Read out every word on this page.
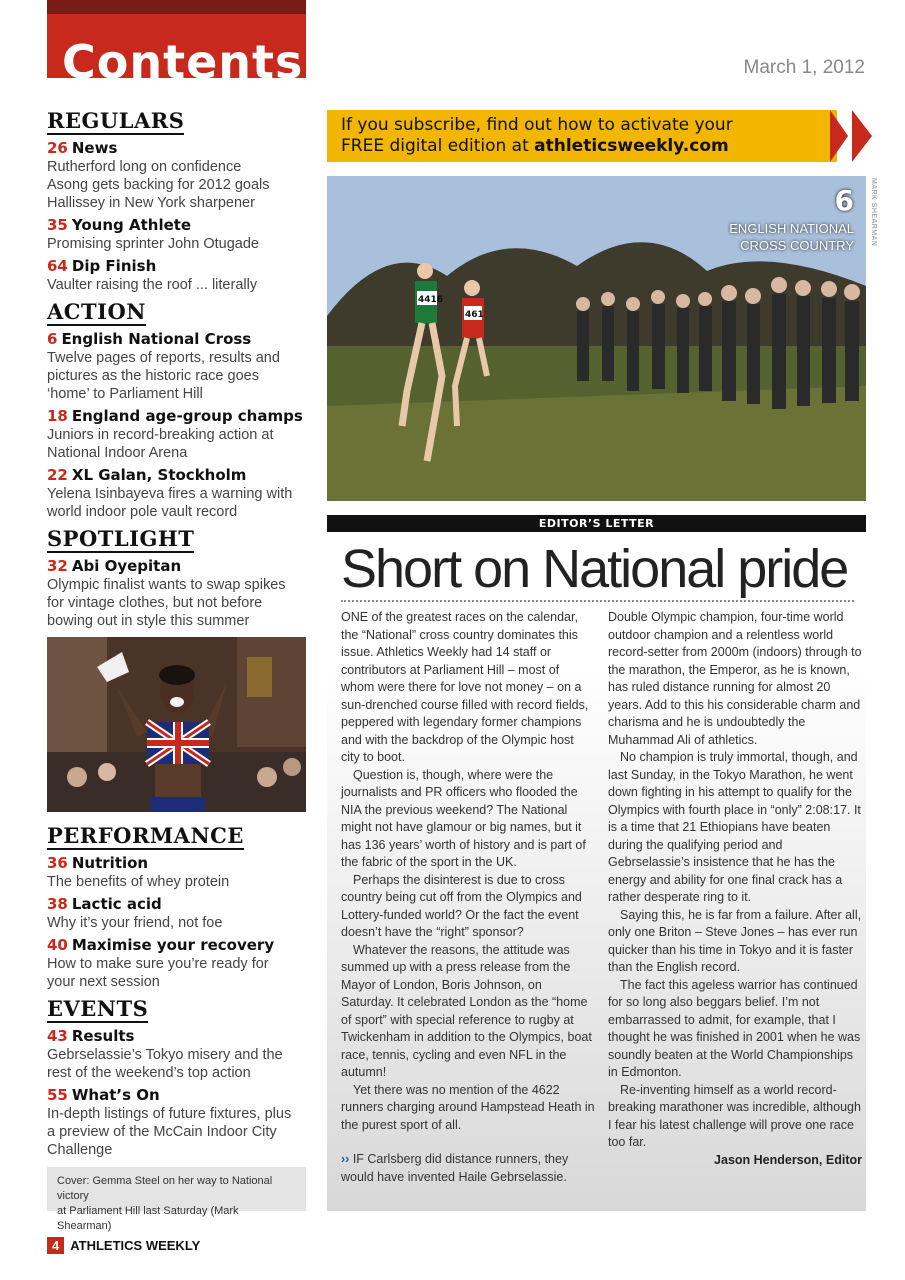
Contents	March 1, 2012
REGULARS
26 News
Rutherford long on confidence
Asong gets backing for 2012 goals
Hallissey in New York sharpener
35 Young Athlete
Promising sprinter John Otugade
64 Dip Finish
Vaulter raising the roof ... literally
ACTION
6 English National Cross
Twelve pages of reports, results and
pictures as the historic race goes
‘home’ to Parliament Hill
18 England age-group champs
Juniors in record-breaking action at
National Indoor Arena
22 XL Galan, Stockholm
Yelena Isinbayeva fires a warning with
world indoor pole vault record
SPOTLIGHT
32 Abi Oyepitan
Olympic finalist wants to swap spikes
for vintage clothes, but not before
bowing out in style this summer
PERFORMANCE
36 Nutrition
The benefits of whey protein
38 Lactic acid
Why it’s your friend, not foe
40 Maximise your recovery
How to make sure you’re ready for
your next session
EVENTS
43 Results
Gebrselassie’s Tokyo misery and the
rest of the weekend’s top action
55 What’s On
In-depth listings of future fixtures, plus
a preview of the McCain Indoor City
Challenge
Cover: Gemma Steel on her way to National victory
at Parliament Hill last Saturday (Mark Shearman)
4 ATHLETICS WEEKLY
If you subscribe, find out how to activate your
FREE digital edition at athleticsweekly.com
4416
461
6
ENGLISH NATIONAL
CROSS COUNTRY MARK SHEARMAN
EDITOR’S LETTER
Short on National pride

ONE of the greatest races on the calendar, the “National” cross country dominates this issue. Athletics Weekly had 14 staff or contributors at Parliament Hill – most of whom were there for love not money – on a sun-drenched course filled with record fields, peppered with legendary former champions and with the backdrop of the Olympic host city to boot.

Question is, though, where were the journalists and PR officers who flooded the NIA the previous weekend? The National might not have glamour or big names, but it has 136 years’ worth of history and is part of the fabric of the sport in the UK.

Perhaps the disinterest is due to cross country being cut off from the Olympics and Lottery-funded world? Or the fact the event doesn’t have the “right” sponsor?

Whatever the reasons, the attitude was summed up with a press release from the Mayor of London, Boris Johnson, on Saturday. It celebrated London as the “home of sport” with special reference to rugby at Twickenham in addition to the Olympics, boat race, tennis, cycling and even NFL in the autumn!

Yet there was no mention of the 4622 runners charging around Hampstead Heath in the purest sport of all.

›› IF Carlsberg did distance runners, they would have invented Haile Gebrselassie.

Double Olympic champion, four-time world outdoor champion and a relentless world record-setter from 2000m (indoors) through to the marathon, the Emperor, as he is known, has ruled distance running for almost 20 years. Add to this his considerable charm and charisma and he is undoubtedly the Muhammad Ali of athletics.

No champion is truly immortal, though, and last Sunday, in the Tokyo Marathon, he went down fighting in his attempt to qualify for the Olympics with fourth place in “only” 2:08:17. It is a time that 21 Ethiopians have beaten during the qualifying period and Gebrselassie’s insistence that he has the energy and ability for one final crack has a rather desperate ring to it.

Saying this, he is far from a failure. After all, only one Briton – Steve Jones – has ever run quicker than his time in Tokyo and it is faster than the English record.

The fact this ageless warrior has continued for so long also beggars belief. I’m not embarrassed to admit, for example, that I thought he was finished in 2001 when he was soundly beaten at the World Championships in Edmonton.

Re-inventing himself as a world record-breaking marathoner was incredible, although I fear his latest challenge will prove one race too far.

Jason Henderson, Editor
